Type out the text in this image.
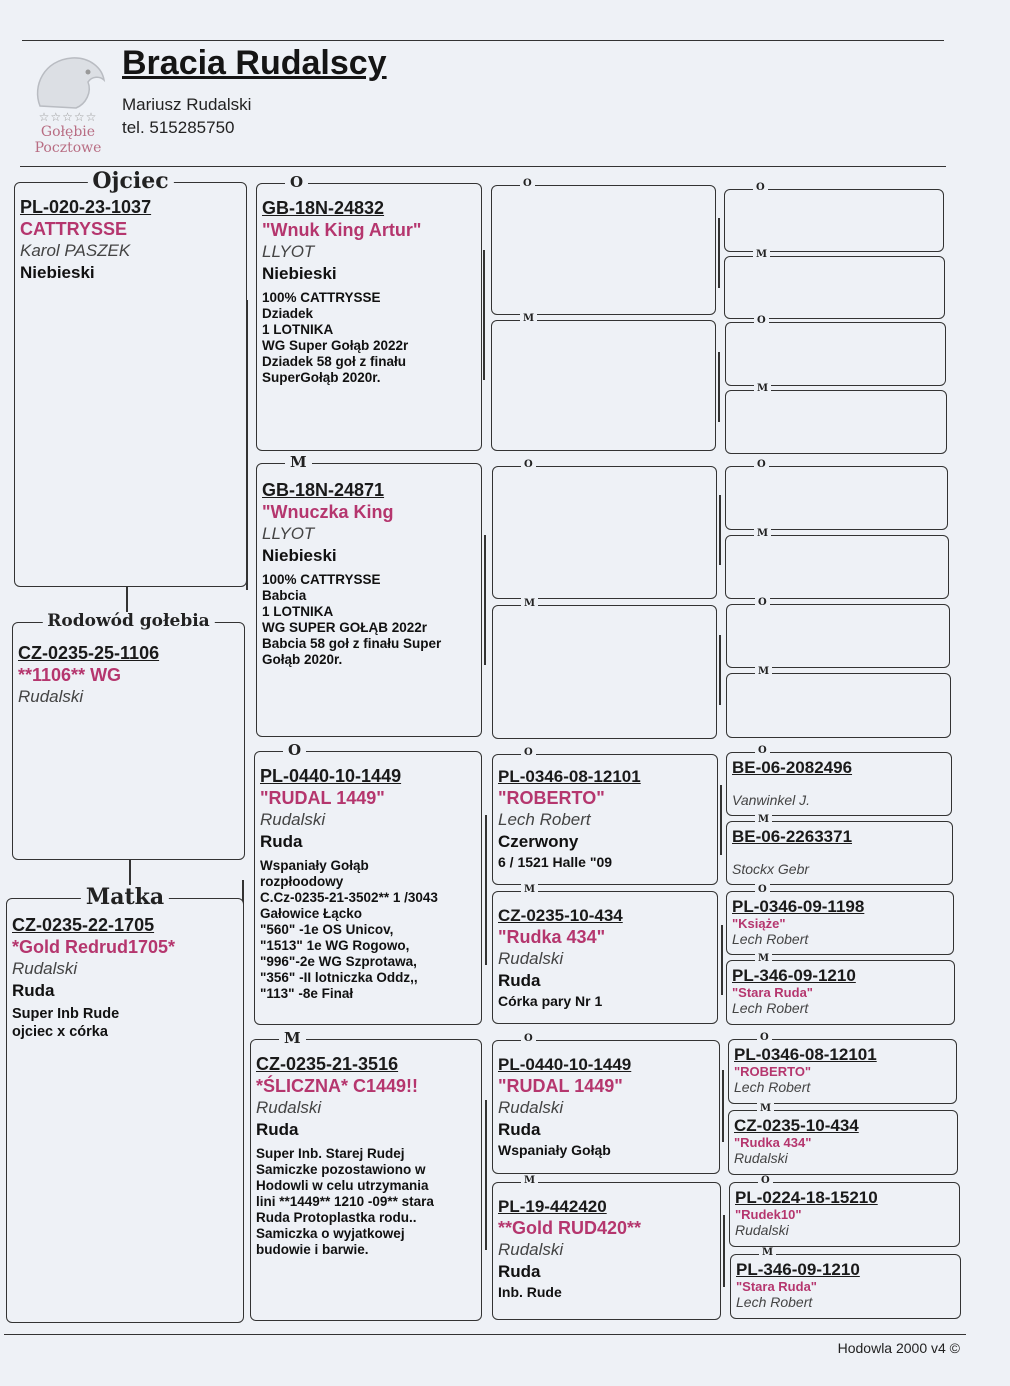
☆☆☆☆☆
Gołębie
Pocztowe
Bracia Rudalscy
Mariusz Rudalski
tel. 515285750
Ojciec
PL-020-23-1037
CATTRYSSE
Karol PASZEK
Niebieski
Rodowód gołebia
CZ-0235-25-1106
**1106** WG
Rudalski
Matka
CZ-0235-22-1705
*Gold Redrud1705*
Rudalski
Ruda
Super Inb Rude
ojciec x córka
O
GB-18N-24832
"Wnuk King Artur"
LLYOT
Niebieski
100% CATTRYSSE
Dziadek
1 LOTNIKA
WG Super Gołąb 2022r
Dziadek 58 goł z finału
SuperGołąb 2020r.
M
GB-18N-24871
"Wnuczka King
LLYOT
Niebieski
100% CATTRYSSE
Babcia
1 LOTNIKA
WG SUPER GOŁĄB 2022r
Babcia 58 goł z finału Super
Gołąb 2020r.
O
PL-0440-10-1449
"RUDAL 1449"
Rudalski
Ruda
Wspaniały Gołąb
rozpłoodowy
C.Cz-0235-21-3502** 1 /3043
Gałowice Łącko
"560" -1e OS Unicov,
"1513" 1e WG Rogowo,
"996"-2e WG Szprotawa,
"356" -II lotniczka Oddz,,
"113" -8e Finał
M
CZ-0235-21-3516
*ŚLICZNA* C1449!!
Rudalski
Ruda
Super Inb. Starej Rudej
Samiczke pozostawiono w
Hodowli w celu utrzymania
lini **1449** 1210 -09** stara
Ruda Protoplastka rodu..
Samiczka o wyjatkowej
budowie i barwie.
O
M
O
M
O
PL-0346-08-12101
"ROBERTO"
Lech Robert
Czerwony
6 / 1521 Halle "09
M
CZ-0235-10-434
"Rudka 434"
Rudalski
Ruda
Córka pary Nr 1
O
PL-0440-10-1449
"RUDAL 1449"
Rudalski
Ruda
Wspaniały Gołąb
M
PL-19-442420
**Gold RUD420**
Rudalski
Ruda
Inb. Rude
O
M
O
M
O
M
O
M
O
BE-06-2082496
Vanwinkel J.
M
BE-06-2263371
Stockx Gebr
O
PL-0346-09-1198
"Książe"
Lech Robert
M
PL-346-09-1210
"Stara Ruda"
Lech Robert
O
PL-0346-08-12101
"ROBERTO"
Lech Robert
M
CZ-0235-10-434
"Rudka 434"
Rudalski
O
PL-0224-18-15210
"Rudek10"
Rudalski
M
PL-346-09-1210
"Stara Ruda"
Lech Robert
Hodowla 2000 v4 ©
